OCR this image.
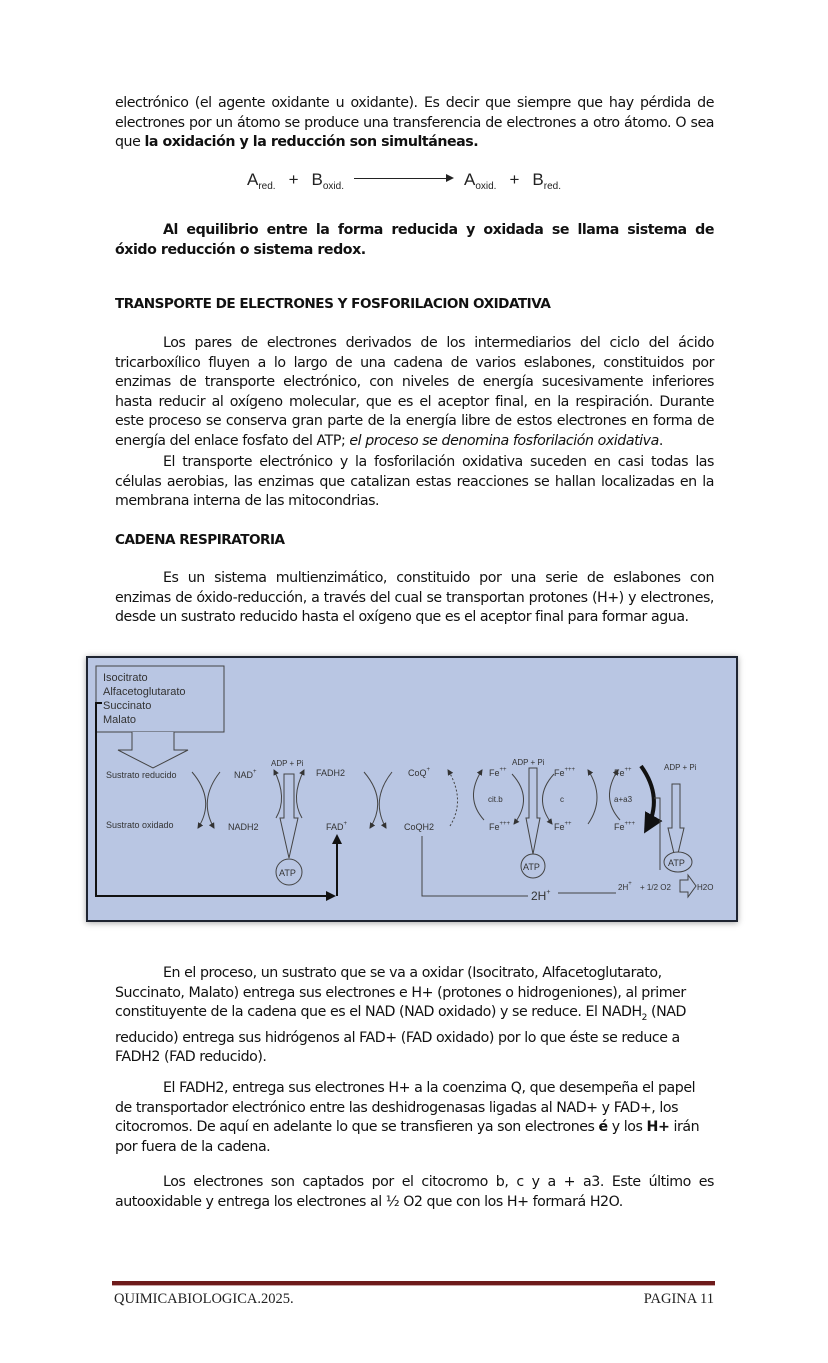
electrónico (el agente oxidante u oxidante). Es decir que siempre que hay pérdida de electrones por un átomo se produce una transferencia de electrones a otro átomo. O sea que la oxidación y la reducción son simultáneas.

$A_{red.} + B_{oxid.}$	$A_{oxid.} + B_{red.}$

Al equilibrio entre la forma reducida y oxidada se llama sistema de óxido reducción o sistema redox.

TRANSPORTE DE ELECTRONES Y FOSFORILACION OXIDATIVA

Los pares de electrones derivados de los intermediarios del ciclo del ácido tricarboxílico fluyen a lo largo de una cadena de varios eslabones, constituidos por enzimas de transporte electrónico, con niveles de energía sucesivamente inferiores hasta reducir al oxígeno molecular, que es el aceptor final, en la respiración. Durante este proceso se conserva gran parte de la energía libre de estos electrones en forma de energía del enlace fosfato del ATP; el proceso se denomina fosforilación oxidativa.

El transporte electrónico y la fosforilación oxidativa suceden en casi todas las células aerobias, las enzimas que catalizan estas reacciones se hallan localizadas en la membrana interna de las mitocondrias.

CADENA RESPIRATORIA

Es un sistema multienzimático, constituido por una serie de eslabones con enzimas de óxido-reducción, a través del cual se transportan protones (H+) y electrones, desde un sustrato reducido hasta el oxígeno que es el aceptor final para formar agua.

Isocitrato
Alfacetoglutarato
Succinato
Malato
Sustrato reducido
Sustrato oxidado
NAD+
NADH2
ADP + Pi
ATP
FADH2
FAD+
CoQ+
CoQH2
2H+
Fe++
cit.b
Fe+++
ADP + Pi
ATP
Fe+++
c
Fe++
Fe++
a+a3
Fe+++
ADP + Pi
ATP
2H+ + 1/2 O2	H2O

En el proceso, un sustrato que se va a oxidar (Isocitrato, Alfacetoglutarato, Succinato, Malato) entrega sus electrones e H+ (protones o hidrogeniones), al primer constituyente de la cadena que es el NAD (NAD oxidado) y se reduce. El $NADH_2$ (NAD reducido) entrega sus hidrógenos al FAD+ (FAD oxidado) por lo que éste se reduce a FADH2 (FAD reducido).

El FADH2, entrega sus electrones H+ a la coenzima Q, que desempeña el papel de transportador electrónico entre las deshidrogenasas ligadas al NAD+ y FAD+, los citocromos. De aquí en adelante lo que se transfieren ya son electrones é y los H+ irán por fuera de la cadena.

Los electrones son captados por el citocromo b, c y a + a3. Este último es autooxidable y entrega los electrones al ½ O2 que con los H+ formará H2O.

QUIMICABIOLOGICA.2025.	PAGINA 11
